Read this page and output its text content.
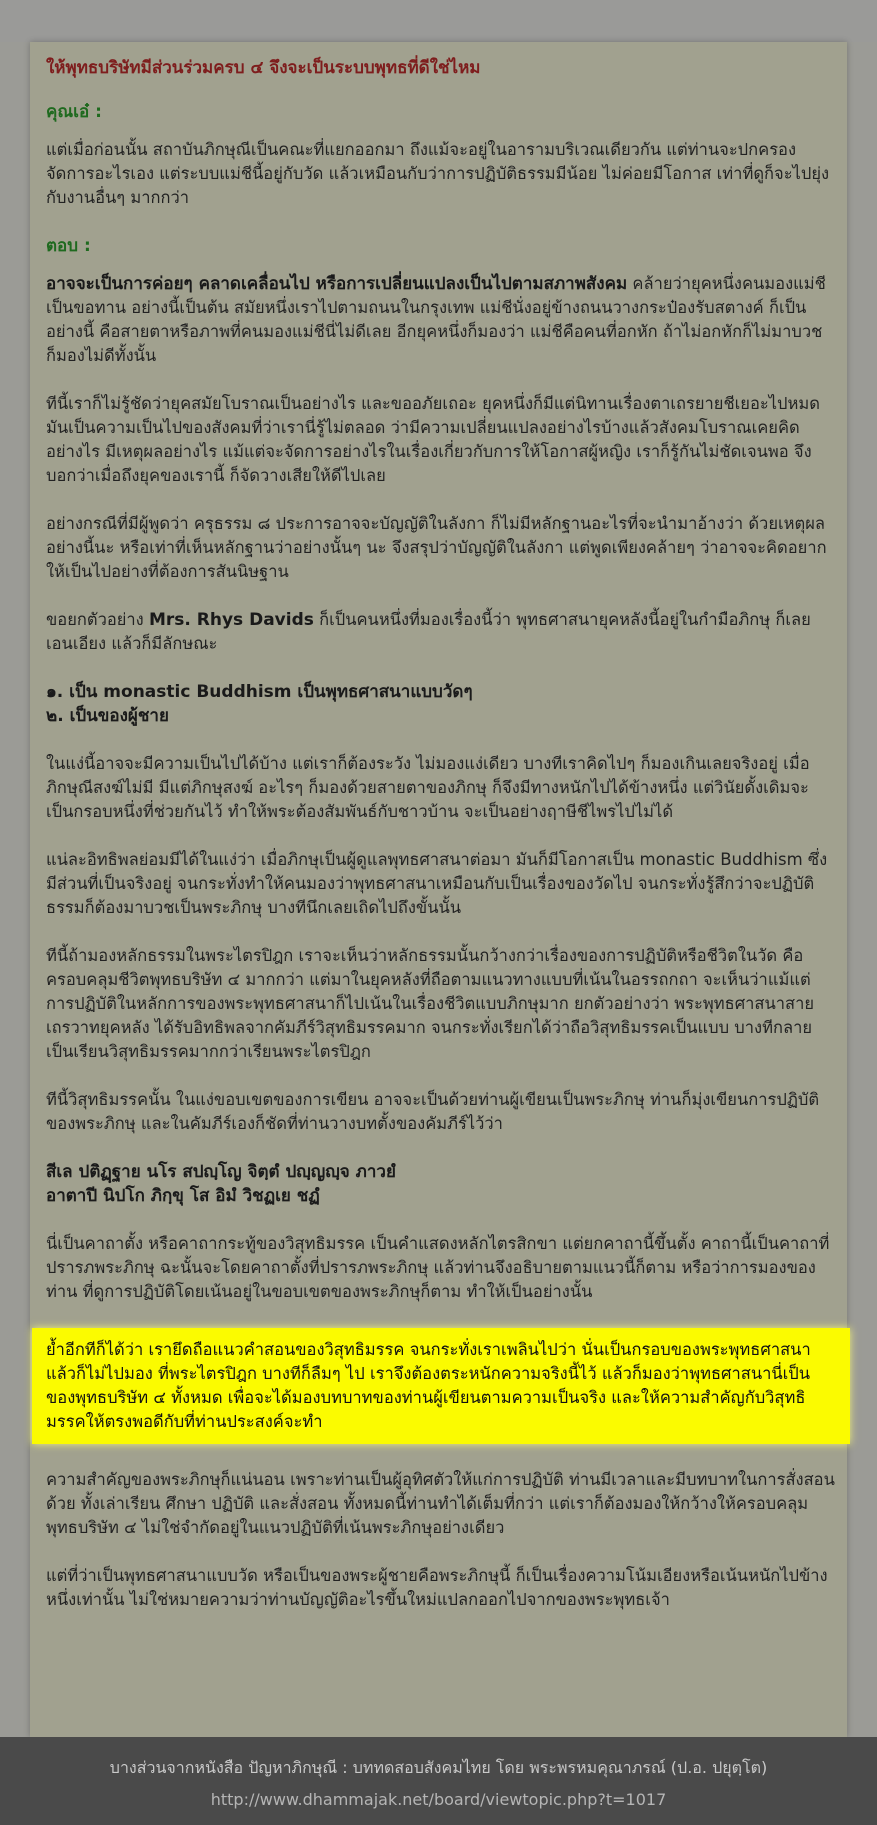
ให้พุทธบริษัทมีส่วนร่วมครบ ๔ จึงจะเป็นระบบพุทธที่ดีใช่ไหม
คุณเอ๋ :
แต่เมื่อก่อนนั้น สถาบันภิกษุณีเป็นคณะที่แยกออกมา ถึงแม้จะอยู่ในอารามบริเวณเดียวกัน แต่ท่านจะปกครองจัดการอะไรเอง แต่ระบบแม่ชีนี้อยู่กับวัด แล้วเหมือนกับว่าการปฏิบัติธรรมมีน้อย ไม่ค่อยมีโอกาส เท่าที่ดูก็จะไปยุ่งกับงานอื่นๆ มากกว่า
ตอบ :
อาจจะเป็นการค่อยๆ คลาดเคลื่อนไป หรือการเปลี่ยนแปลงเป็นไปตามสภาพสังคม คล้ายว่ายุคหนึ่งคนมองแม่ชีเป็นขอทาน อย่างนี้เป็นต้น สมัยหนึ่งเราไปตามถนนในกรุงเทพ แม่ชีนั่งอยู่ข้างถนนวางกระป๋องรับสตางค์ ก็เป็นอย่างนี้ คือสายตาหรือภาพที่คนมองแม่ชีนี่ไม่ดีเลย อีกยุคหนึ่งก็มองว่า แม่ชีคือคนที่อกหัก ถ้าไม่อกหักก็ไม่มาบวช ก็มองไม่ดีทั้งนั้น
ทีนี้เราก็ไม่รู้ชัดว่ายุคสมัยโบราณเป็นอย่างไร และขออภัยเถอะ ยุคหนึ่งก็มีแต่นิทานเรื่องตาเถรยายชีเยอะไปหมด มันเป็นความเป็นไปของสังคมที่ว่าเรานี่รู้ไม่ตลอด ว่ามีความเปลี่ยนแปลงอย่างไรบ้างแล้วสังคมโบราณเคยคิดอย่างไร มีเหตุผลอย่างไร แม้แต่จะจัดการอย่างไรในเรื่องเกี่ยวกับการให้โอกาสผู้หญิง เราก็รู้กันไม่ชัดเจนพอ จึงบอกว่าเมื่อถึงยุคของเรานี้ ก็จัดวางเสียให้ดีไปเลย
อย่างกรณีที่มีผู้พูดว่า ครุธรรม ๘ ประการอาจจะบัญญัติในลังกา ก็ไม่มีหลักฐานอะไรที่จะนำมาอ้างว่า ด้วยเหตุผลอย่างนี้นะ หรือเท่าที่เห็นหลักฐานว่าอย่างนั้นๆ นะ จึงสรุปว่าบัญญัติในลังกา แต่พูดเพียงคล้ายๆ ว่าอาจจะคิดอยากให้เป็นไปอย่างที่ต้องการสันนิษฐาน
ขอยกตัวอย่าง Mrs. Rhys Davids ก็เป็นคนหนึ่งที่มองเรื่องนี้ว่า พุทธศาสนายุคหลังนี้อยู่ในกำมือภิกษุ ก็เลยเอนเอียง แล้วก็มีลักษณะ
๑. เป็น monastic Buddhism เป็นพุทธศาสนาแบบวัดๆ
๒. เป็นของผู้ชาย
ในแง่นี้อาจจะมีความเป็นไปได้บ้าง แต่เราก็ต้องระวัง ไม่มองแง่เดียว บางทีเราคิดไปๆ ก็มองเกินเลยจริงอยู่ เมื่อภิกษุณีสงฆ์ไม่มี มีแต่ภิกษุสงฆ์ อะไรๆ ก็มองด้วยสายตาของภิกษุ ก็จึงมีทางหนักไปได้ข้างหนึ่ง แต่วินัยดั้งเดิมจะเป็นกรอบหนึ่งที่ช่วยกันไว้ ทำให้พระต้องสัมพันธ์กับชาวบ้าน จะเป็นอย่างฤาษีชีไพรไปไม่ได้
แน่ละอิทธิพลย่อมมีได้ในแง่ว่า เมื่อภิกษุเป็นผู้ดูแลพุทธศาสนาต่อมา มันก็มีโอกาสเป็น monastic Buddhism ซึ่งมีส่วนที่เป็นจริงอยู่ จนกระทั่งทำให้คนมองว่าพุทธศาสนาเหมือนกับเป็นเรื่องของวัดไป จนกระทั่งรู้สึกว่าจะปฏิบัติธรรมก็ต้องมาบวชเป็นพระภิกษุ บางทีนึกเลยเถิดไปถึงขั้นนั้น
ทีนี้ถ้ามองหลักธรรมในพระไตรปิฎก เราจะเห็นว่าหลักธรรมนั้นกว้างกว่าเรื่องของการปฏิบัติหรือชีวิตในวัด คือครอบคลุมชีวิตพุทธบริษัท ๔ มากกว่า แต่มาในยุคหลังที่ถือตามแนวทางแบบที่เน้นในอรรถกถา จะเห็นว่าแม้แต่การปฏิบัติในหลักการของพระพุทธศาสนาก็ไปเน้นในเรื่องชีวิตแบบภิกษุมาก ยกตัวอย่างว่า พระพุทธศาสนาสายเถรวาทยุคหลัง ได้รับอิทธิพลจากคัมภีร์วิสุทธิมรรคมาก จนกระทั่งเรียกได้ว่าถือวิสุทธิมรรคเป็นแบบ บางทีกลายเป็นเรียนวิสุทธิมรรคมากกว่าเรียนพระไตรปิฎก
ทีนี้วิสุทธิมรรคนั้น ในแง่ขอบเขตของการเขียน อาจจะเป็นด้วยท่านผู้เขียนเป็นพระภิกษุ ท่านก็มุ่งเขียนการปฏิบัติของพระภิกษุ และในคัมภีร์เองก็ชัดที่ท่านวางบทตั้งของคัมภีร์ไว้ว่า
สีเล ปติฏฺฐาย นโร สปญฺโญ จิตฺตํ ปญฺญญฺจ ภาวยํ
อาตาปี นิปโก ภิกฺขุ โส อิมํ วิชฏเย ชฏํ
นี่เป็นคาถาตั้ง หรือคาถากระทู้ของวิสุทธิมรรค เป็นคำแสดงหลักไตรสิกขา แต่ยกคาถานี้ขึ้นตั้ง คาถานี้เป็นคาถาที่ปรารภพระภิกษุ ฉะนั้นจะโดยคาถาตั้งที่ปรารภพระภิกษุ แล้วท่านจึงอธิบายตามแนวนี้ก็ตาม หรือว่าการมองของท่าน ที่ดูการปฏิบัติโดยเน้นอยู่ในขอบเขตของพระภิกษุก็ตาม ทำให้เป็นอย่างนั้น
ย้ำอีกทีก็ได้ว่า เรายึดถือแนวคำสอนของวิสุทธิมรรค จนกระทั่งเราเพลินไปว่า นั่นเป็นกรอบของพระพุทธศาสนา แล้วก็ไม่ไปมอง ที่พระไตรปิฎก บางทีก็ลืมๆ ไป เราจึงต้องตระหนักความจริงนี้ไว้ แล้วก็มองว่าพุทธศาสนานี่เป็นของพุทธบริษัท ๔ ทั้งหมด เพื่อจะได้มองบทบาทของท่านผู้เขียนตามความเป็นจริง และให้ความสำคัญกับวิสุทธิมรรคให้ตรงพอดีกับที่ท่านประสงค์จะทำ
ความสำคัญของพระภิกษุก็แน่นอน เพราะท่านเป็นผู้อุทิศตัวให้แก่การปฏิบัติ ท่านมีเวลาและมีบทบาทในการสั่งสอนด้วย ทั้งเล่าเรียน ศึกษา ปฏิบัติ และสั่งสอน ทั้งหมดนี้ท่านทำได้เต็มที่กว่า แต่เราก็ต้องมองให้กว้างให้ครอบคลุมพุทธบริษัท ๔ ไม่ใช่จำกัดอยู่ในแนวปฏิบัติที่เน้นพระภิกษุอย่างเดียว
แต่ที่ว่าเป็นพุทธศาสนาแบบวัด หรือเป็นของพระผู้ชายคือพระภิกษุนี้ ก็เป็นเรื่องความโน้มเอียงหรือเน้นหนักไปข้างหนึ่งเท่านั้น ไม่ใช่หมายความว่าท่านบัญญัติอะไรขึ้นใหม่แปลกออกไปจากของพระพุทธเจ้า
บางส่วนจากหนังสือ ปัญหาภิกษุณี : บททดสอบสังคมไทย โดย พระพรหมคุณาภรณ์ (ป.อ. ปยุตฺโต)
http://www.dhammajak.net/board/viewtopic.php?t=1017
